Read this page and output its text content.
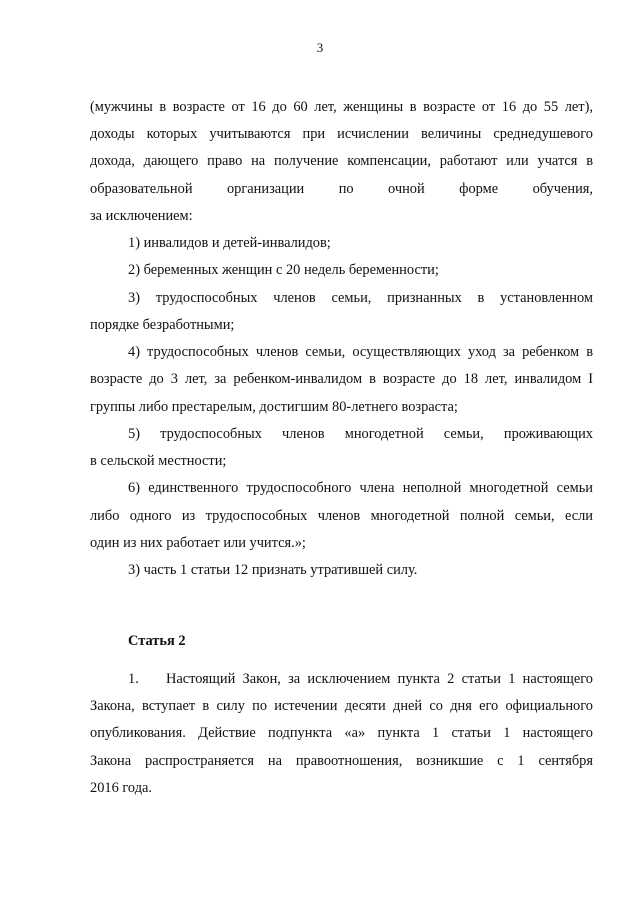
3
(мужчины в возрасте от 16 до 60 лет, женщины в возрасте от 16 до 55 лет),
доходы которых учитываются при исчислении величины среднедушевого
дохода, дающего право на получение компенсации, работают или учатся в
образовательной организации по очной форме обучения,
за исключением:
1) инвалидов и детей-инвалидов;
2) беременных женщин с 20 недель беременности;
3) трудоспособных членов семьи, признанных в установленном
порядке безработными;
4) трудоспособных членов семьи, осуществляющих уход за ребенком в
возрасте до 3 лет, за ребенком-инвалидом в возрасте до 18 лет, инвалидом I
группы либо престарелым, достигшим 80-летнего возраста;
5) трудоспособных членов многодетной семьи, проживающих
в сельской местности;
6) единственного трудоспособного члена неполной многодетной семьи
либо одного из трудоспособных членов многодетной полной семьи, если
один из них работает или учится.»;
3) часть 1 статьи 12 признать утратившей силу.
Статья 2
1. Настоящий Закон, за исключением пункта 2 статьи 1 настоящего
Закона, вступает в силу по истечении десяти дней со дня его официального
опубликования. Действие подпункта «а» пункта 1 статьи 1 настоящего
Закона распространяется на правоотношения, возникшие с 1 сентября
2016 года.
